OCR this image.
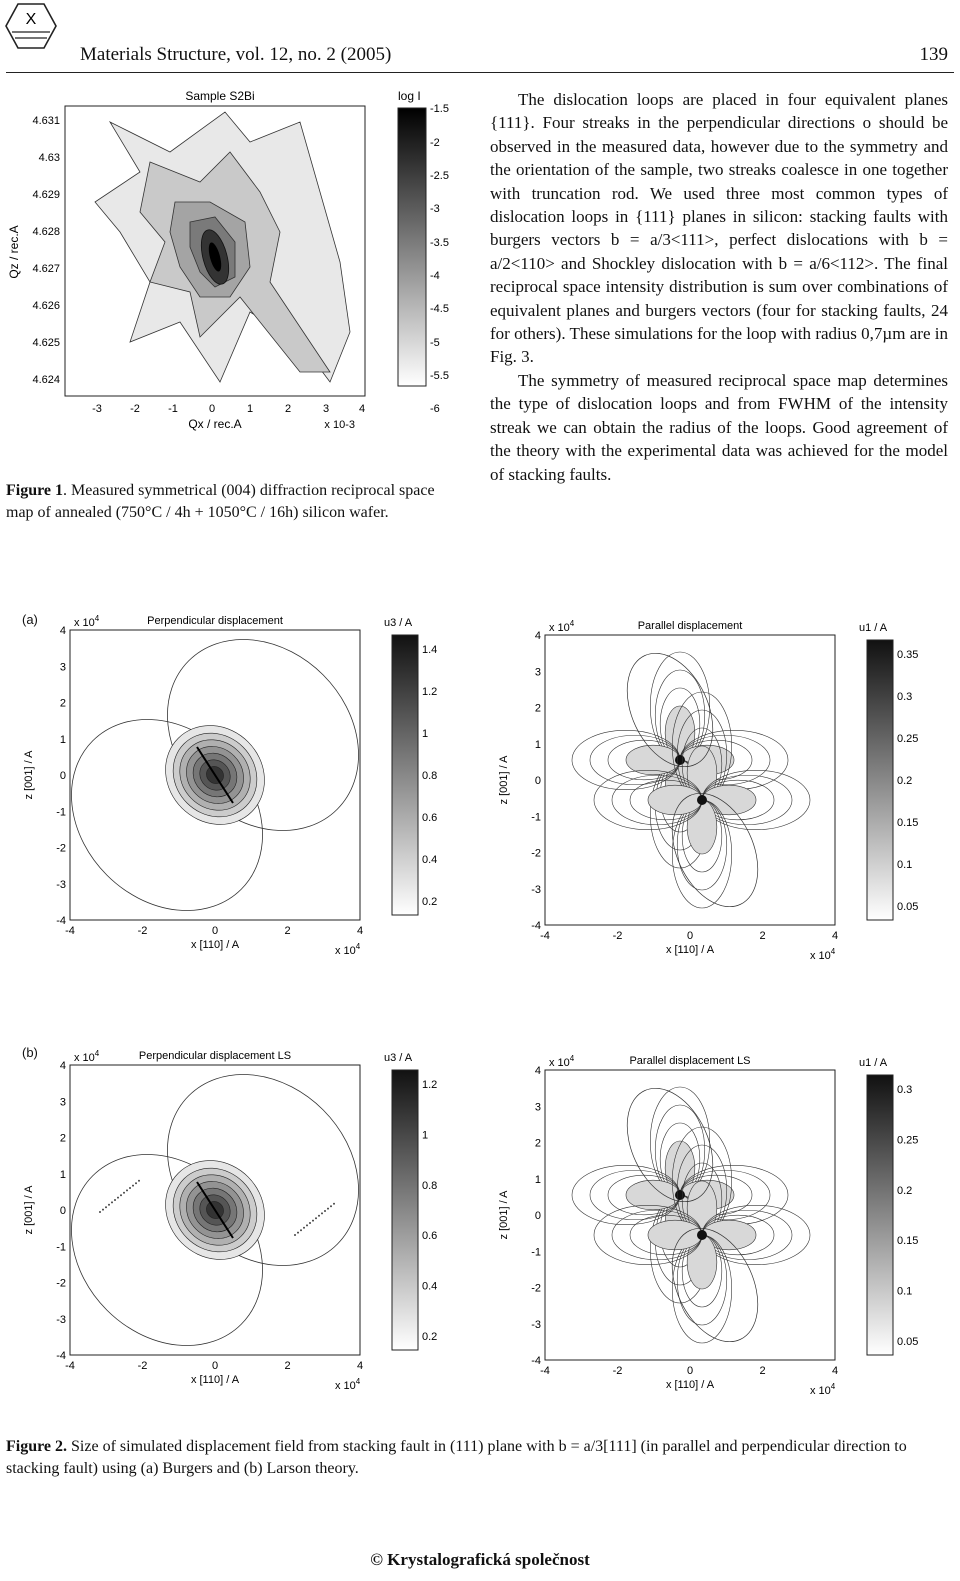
X
Materials Structure, vol. 12, no. 2 (2005)	139
Sample S2Bi
4.631
4.63
4.629
4.628
4.627
4.626
4.625
4.624
Qz / rec.A
-3	-2	-1	0	1	2	3	4
Qx / rec.A	x 10-3
log I
-1.5
-2
-2.5
-3
-3.5
-4
-4.5
-5
-5.5
-6
Figure 1. Measured symmetrical (004) diffraction reciprocal space map of annealed (750°C / 4h + 1050°C / 16h) silicon wafer.

The dislocation loops are placed in four equivalent planes {111}. Four streaks in the perpendicular directions o should be observed in the measured data, however due to the symmetry and the orientation of the sample, two streaks coalesce in one together with truncation rod. We used three most common types of dislocation loops in {111} planes in silicon: stacking faults with burgers vectors b = a/3<111>, perfect dislocations with b = a/2<110> and Shockley dislocation with b = a/6<112>. The final reciprocal space intensity distribution is sum over combinations of equivalent planes and burgers vectors (four for stacking faults, 24 for others). These simulations for the loop with radius 0,7µm are in Fig. 3.

The symmetry of measured reciprocal space map determines the type of dislocation loops and from FWHM of the intensity streak we can obtain the radius of the loops. Good agreement of the theory with the experimental data was achieved for the model of stacking faults.

(a)
(b)
Perpendicular displacement
4
3
2
1
0
-1
-2
-3
-4
-4	-2	0	2	4
z [001] / A
x [110] / A
x $10^4$
x $10^4$
u3 / A
1.4
1.2
1
0.8
0.6
0.4
0.2
Parallel displacement
4
3
2
1
0
-1
-2
-3
-4
-4	-2	0	2	4
z [001] / A
x [110] / A
x $10^4$
x $10^4$
u1 / A
0.35
0.3
0.25
0.2
0.15
0.1
0.05
Perpendicular displacement LS
4
3
2
1
0
-1
-2
-3
-4
-4	-2	0	2	4
z [001] / A
x [110] / A
x $10^4$
x $10^4$
u3 / A
1.2
1
0.8
0.6
0.4
0.2
Parallel displacement LS
4
3
2
1
0
-1
-2
-3
-4
-4	-2	0	2	4
z [001] / A
x [110] / A
x $10^4$
x $10^4$
u1 / A
0.3
0.25
0.2
0.15
0.1
0.05
Figure 2. Size of simulated displacement field from stacking fault in (111) plane with b = a/3[111] (in parallel and perpendicular direction to stacking fault) using (a) Burgers and (b) Larson theory.
© Krystalografická společnost
